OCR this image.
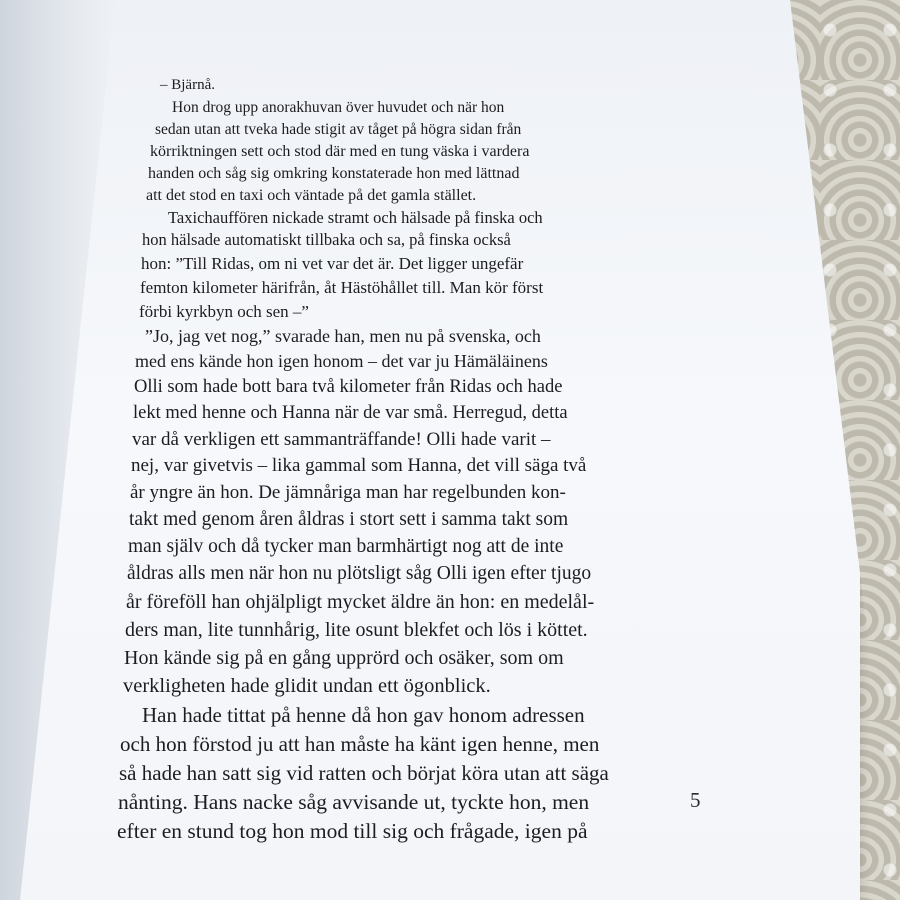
– Bjärnå.

Hon drog upp anorakhuvan över huvudet och när hon

sedan utan att tveka hade stigit av tåget på högra sidan från

körriktningen sett och stod där med en tung väska i vardera

handen och såg sig omkring konstaterade hon med lättnad

att det stod en taxi och väntade på det gamla stället.

Taxichauffören nickade stramt och hälsade på finska och

hon hälsade automatiskt tillbaka och sa, på finska också

hon: ”Till Ridas, om ni vet var det är. Det ligger ungefär

femton kilometer härifrån, åt Hästöhållet till. Man kör först

förbi kyrkbyn och sen –”

”Jo, jag vet nog,” svarade han, men nu på svenska, och

med ens kände hon igen honom – det var ju Hämäläinens

Olli som hade bott bara två kilometer från Ridas och hade

lekt med henne och Hanna när de var små. Herregud, detta

var då verkligen ett sammanträffande! Olli hade varit –

nej, var givetvis – lika gammal som Hanna, det vill säga två

år yngre än hon. De jämnåriga man har regelbunden kon-

takt med genom åren åldras i stort sett i samma takt som

man själv och då tycker man barmhärtigt nog att de inte

åldras alls men när hon nu plötsligt såg Olli igen efter tjugo

år föreföll han ohjälpligt mycket äldre än hon: en medelål-

ders man, lite tunnhårig, lite osunt blekfet och lös i köttet.

Hon kände sig på en gång upprörd och osäker, som om

verkligheten hade glidit undan ett ögonblick.

Han hade tittat på henne då hon gav honom adressen

och hon förstod ju att han måste ha känt igen henne, men

så hade han satt sig vid ratten och börjat köra utan att säga

nånting. Hans nacke såg avvisande ut, tyckte hon, men

efter en stund tog hon mod till sig och frågade, igen på

5
